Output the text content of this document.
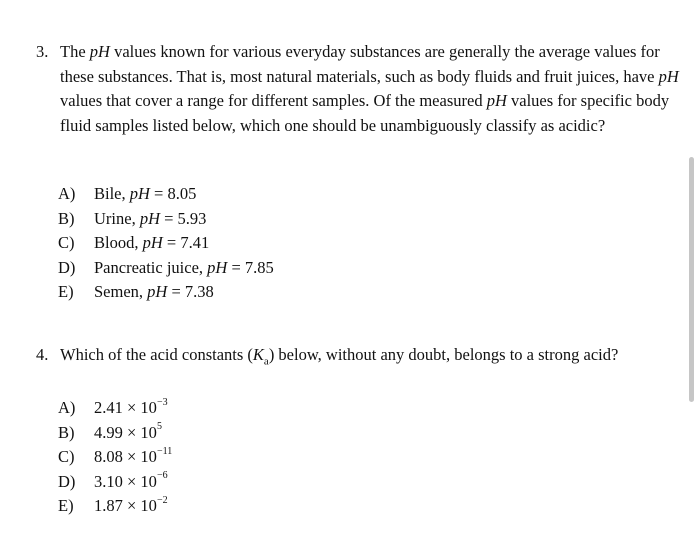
3. The pH values known for various everyday substances are generally the average values for these substances. That is, most natural materials, such as body fluids and fruit juices, have pH values that cover a range for different samples. Of the measured pH values for specific body fluid samples listed below, which one should be unambiguously classify as acidic?
A)	Bile, pH = 8.05
B)	Urine, pH = 5.93
C)	Blood, pH = 7.41
D)	Pancreatic juice, pH = 7.85
E)	Semen, pH = 7.38
4. Which of the acid constants $(K_a)$ below, without any doubt, belongs to a strong acid?
A)	$2.41 \times 10^{-3}$
B)	$4.99 \times 10^5$
C)	$8.08 \times 10^{-11}$
D)	$3.10 \times 10^{-6}$
E)	$1.87 \times 10^{-2}$
